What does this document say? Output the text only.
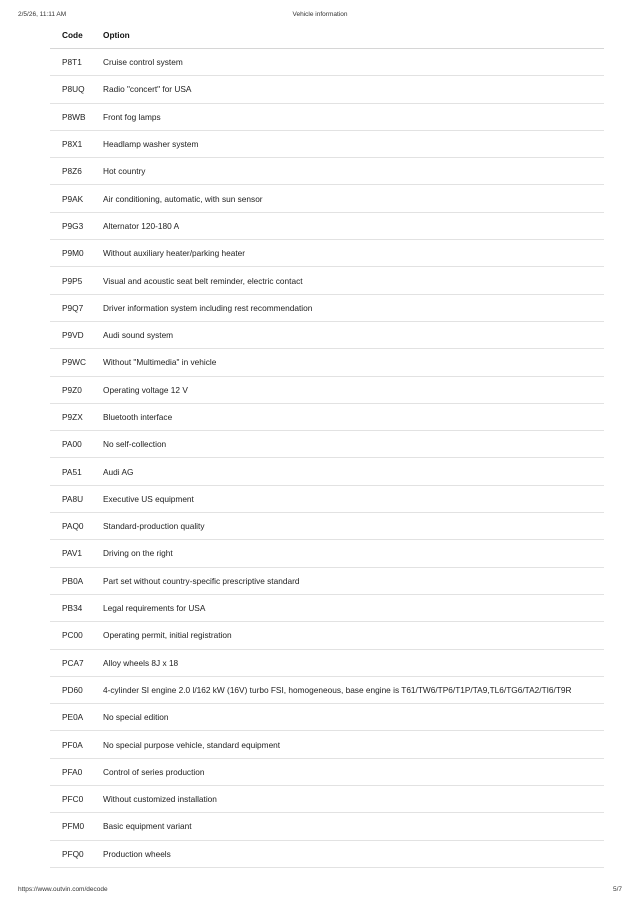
2/5/26, 11:11 AM	Vehicle information
Code	Option
P8T1	Cruise control system
P8UQ	Radio "concert" for USA
P8WB	Front fog lamps
P8X1	Headlamp washer system
P8Z6	Hot country
P9AK	Air conditioning, automatic, with sun sensor
P9G3	Alternator 120-180 A
P9M0	Without auxiliary heater/parking heater
P9P5	Visual and acoustic seat belt reminder, electric contact
P9Q7	Driver information system including rest recommendation
P9VD	Audi sound system
P9WC	Without "Multimedia" in vehicle
P9Z0	Operating voltage 12 V
P9ZX	Bluetooth interface
PA00	No self-collection
PA51	Audi AG
PA8U	Executive US equipment
PAQ0	Standard-production quality
PAV1	Driving on the right
PB0A	Part set without country-specific prescriptive standard
PB34	Legal requirements for USA
PC00	Operating permit, initial registration
PCA7	Alloy wheels 8J x 18
PD60	4-cylinder SI engine 2.0 l/162 kW (16V) turbo FSI, homogeneous, base engine is T61/TW6/TP6/T1P/TA9,TL6/TG6/TA2/TI6/T9R
PE0A	No special edition
PF0A	No special purpose vehicle, standard equipment
PFA0	Control of series production
PFC0	Without customized installation
PFM0	Basic equipment variant
PFQ0	Production wheels
https://www.outvin.com/decode	5/7
